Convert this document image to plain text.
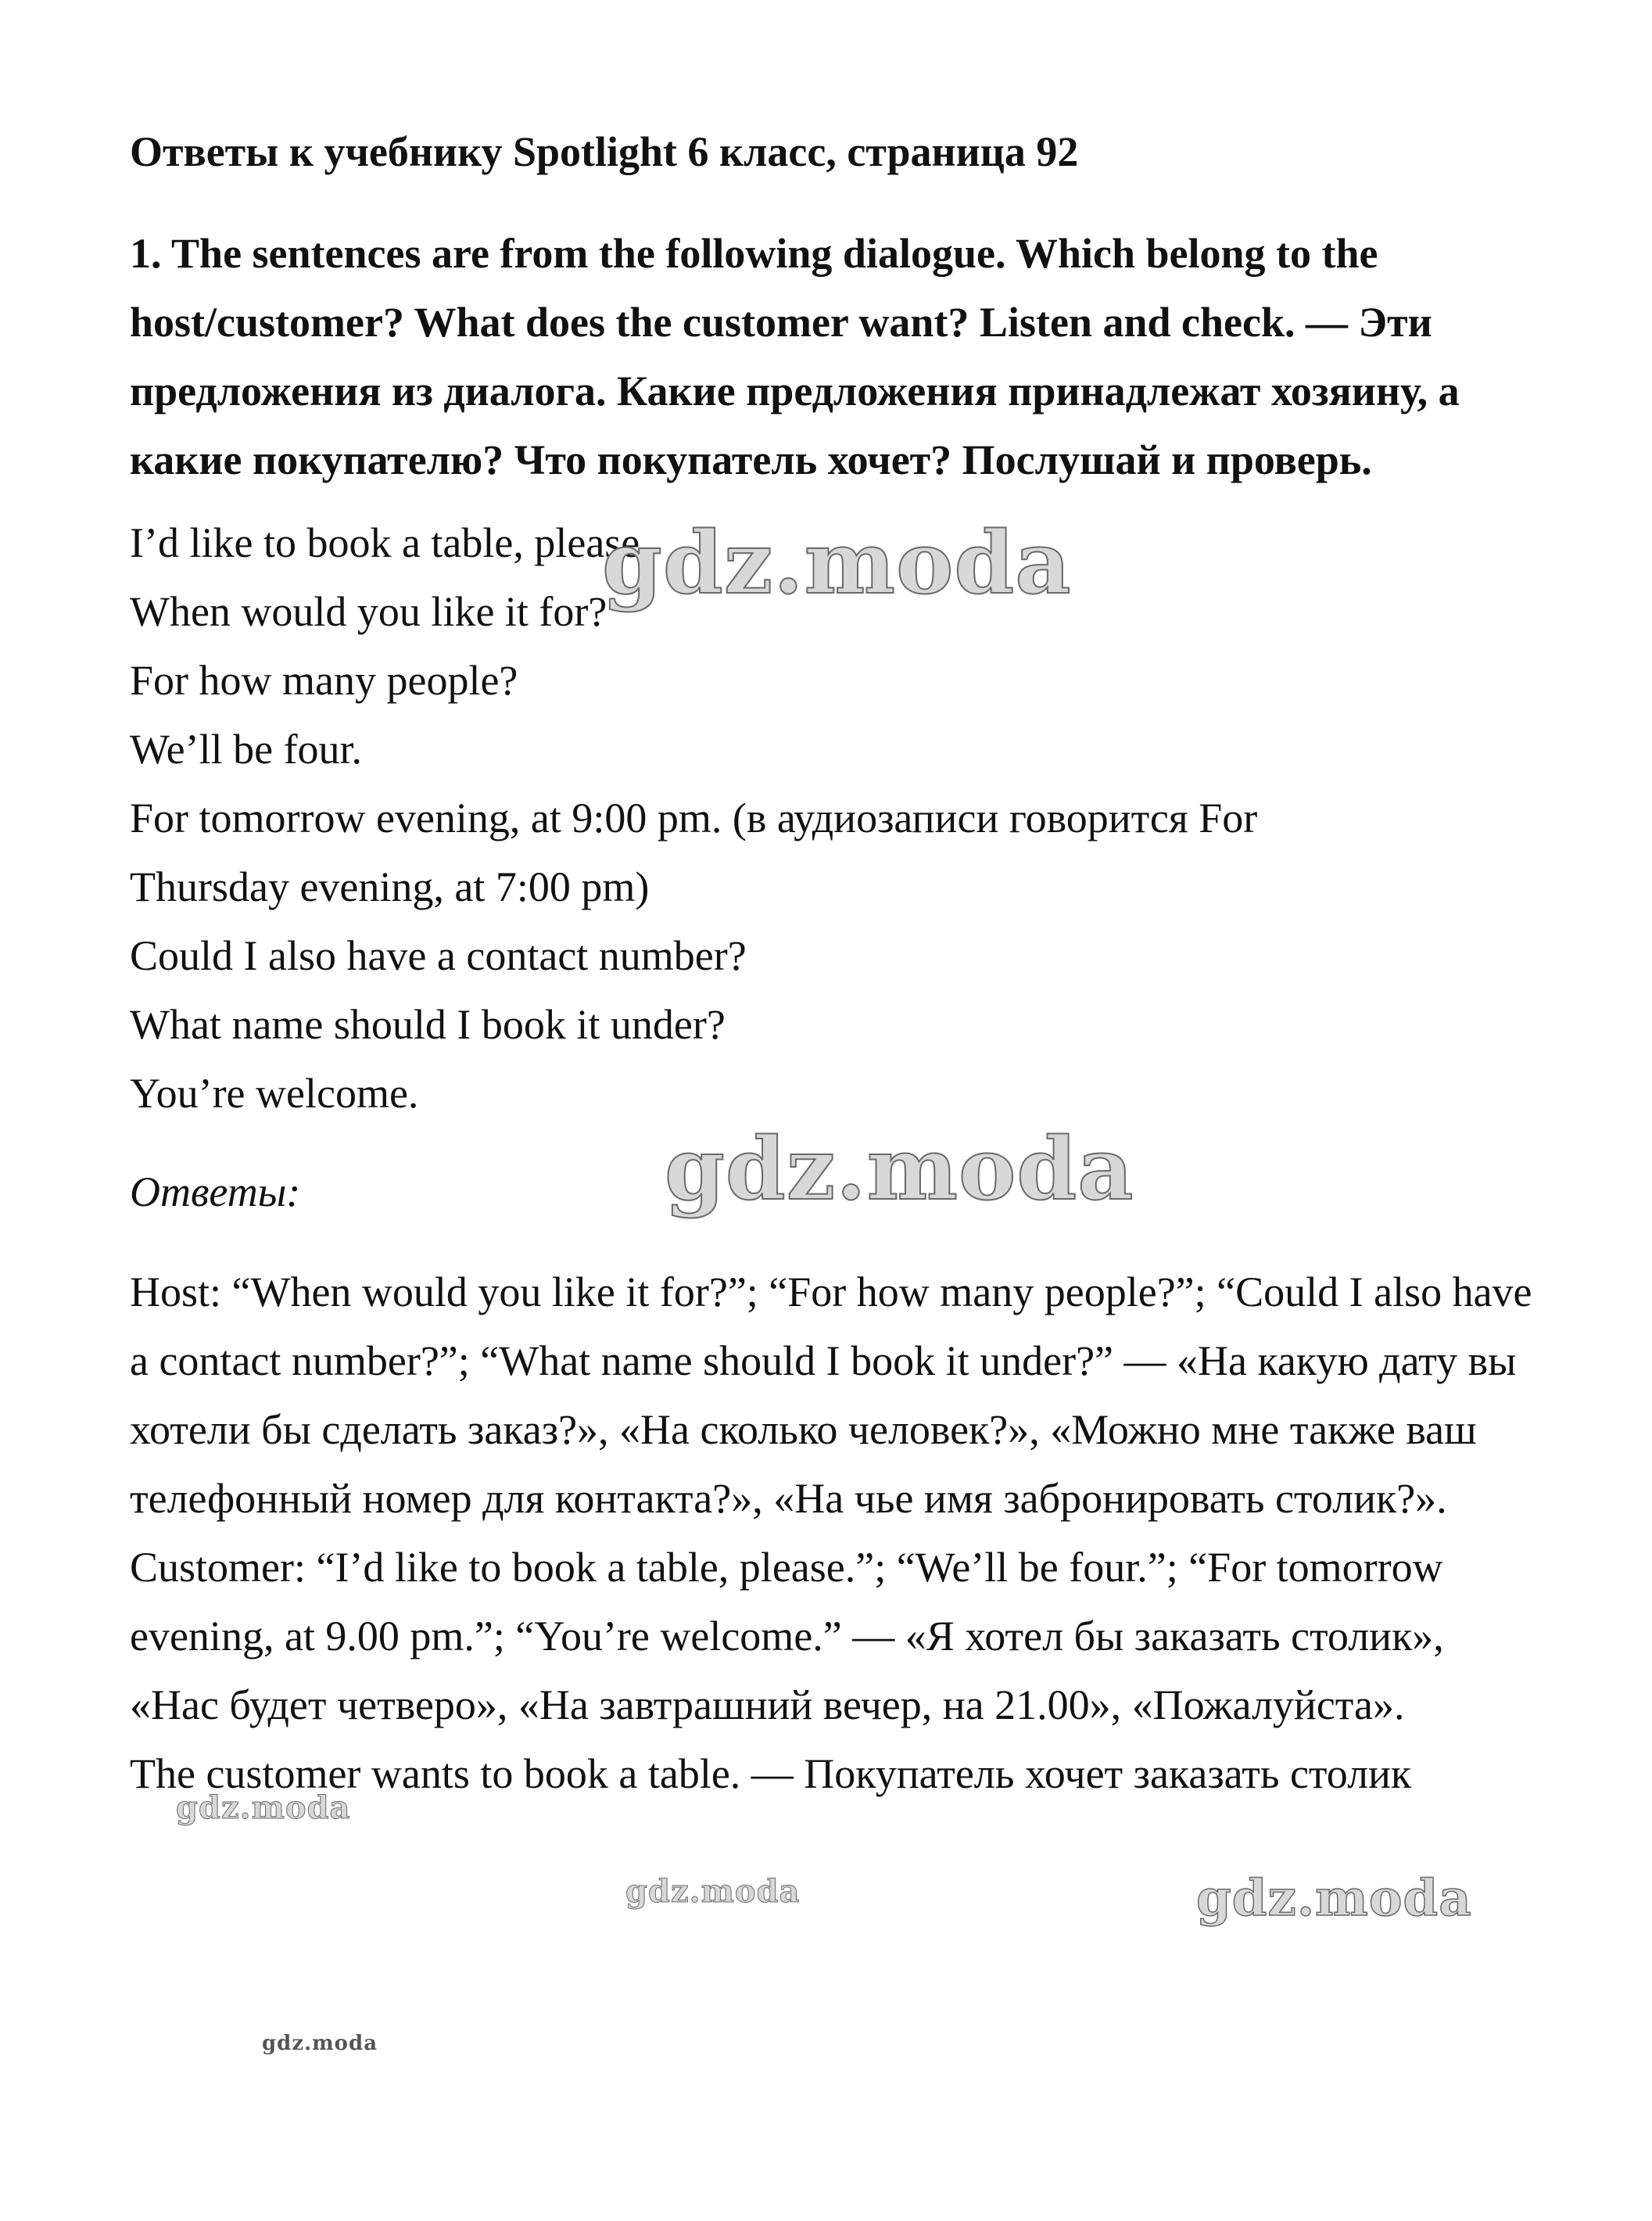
Ответы к учебнику Spotlight 6 класс, страница 92

1. The sentences are from the following dialogue. Which belong to the host/customer? What does the customer want? Listen and check. — Эти предложения из диалога. Какие предложения принадлежат хозяину, а какие покупателю? Что покупатель хочет? Послушай и проверь.

I’d like to book a table, please.

When would you like it for?

For how many people?

We’ll be four.

For tomorrow evening, at 9:00 pm. (в аудиозаписи говорится For

Thursday evening, at 7:00 pm)

Could I also have a contact number?

What name should I book it under?

You’re welcome.

Ответы:

Host: “When would you like it for?”; “For how many people?”; “Could I also have a contact number?”; “What name should I book it under?” — «На какую дату вы хотели бы сделать заказ?», «На сколько человек?», «Можно мне также ваш телефонный номер для контакта?», «На чье имя забронировать столик?».

Customer: “I’d like to book a table, please.”; “We’ll be four.”; “For tomorrow evening, at 9.00 pm.”; “You’re welcome.” — «Я хотел бы заказать столик», «Нас будет четверо», «На завтрашний вечер, на 21.00», «Пожалуйста».

The customer wants to book a table. — Покупатель хочет заказать столик

gdz.moda
gdz.moda
gdz.moda
gdz.moda	gdz.moda
gdz.moda
